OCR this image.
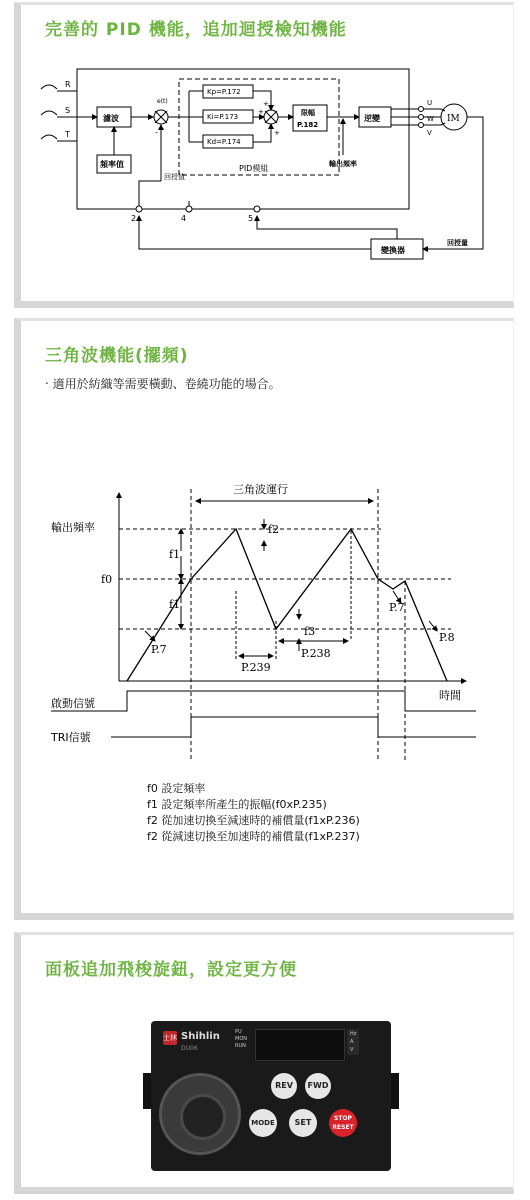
完善的 PID 機能，追加迴授檢知機能
R
S
T
濾波
頻率值
e(t)
-
回授值
Kp=P.172
Ki=P.173
Kd=P.174
+
+
+
PID模組
限幅
P.182
輸出頻率
逆變
U
W
V
IM
2	4	5
變換器
回授量
三角波機能(擺頻)
‧ 適用於紡織等需要橫動、卷繞功能的場合。
三角波運行
輸出頻率
時間
f0
f1
f1
f2
f3
P.7
P.7
P.8
P.239
P.238
啟動信號
TRI信號
f0 設定頻率
f1 設定頻率所產生的振幅(f0xP.235)
f2 從加速切換至減速時的補償量(f1xP.236)
f2 從減速切換至加速時的補償量(f1xP.237)
面板追加飛梭旋鈕，設定更方便
士林 Shihlin
DU06
PU
MON
RUN
Hz
A
V
REV	FWD
MODE	SET	STOP
RESET
